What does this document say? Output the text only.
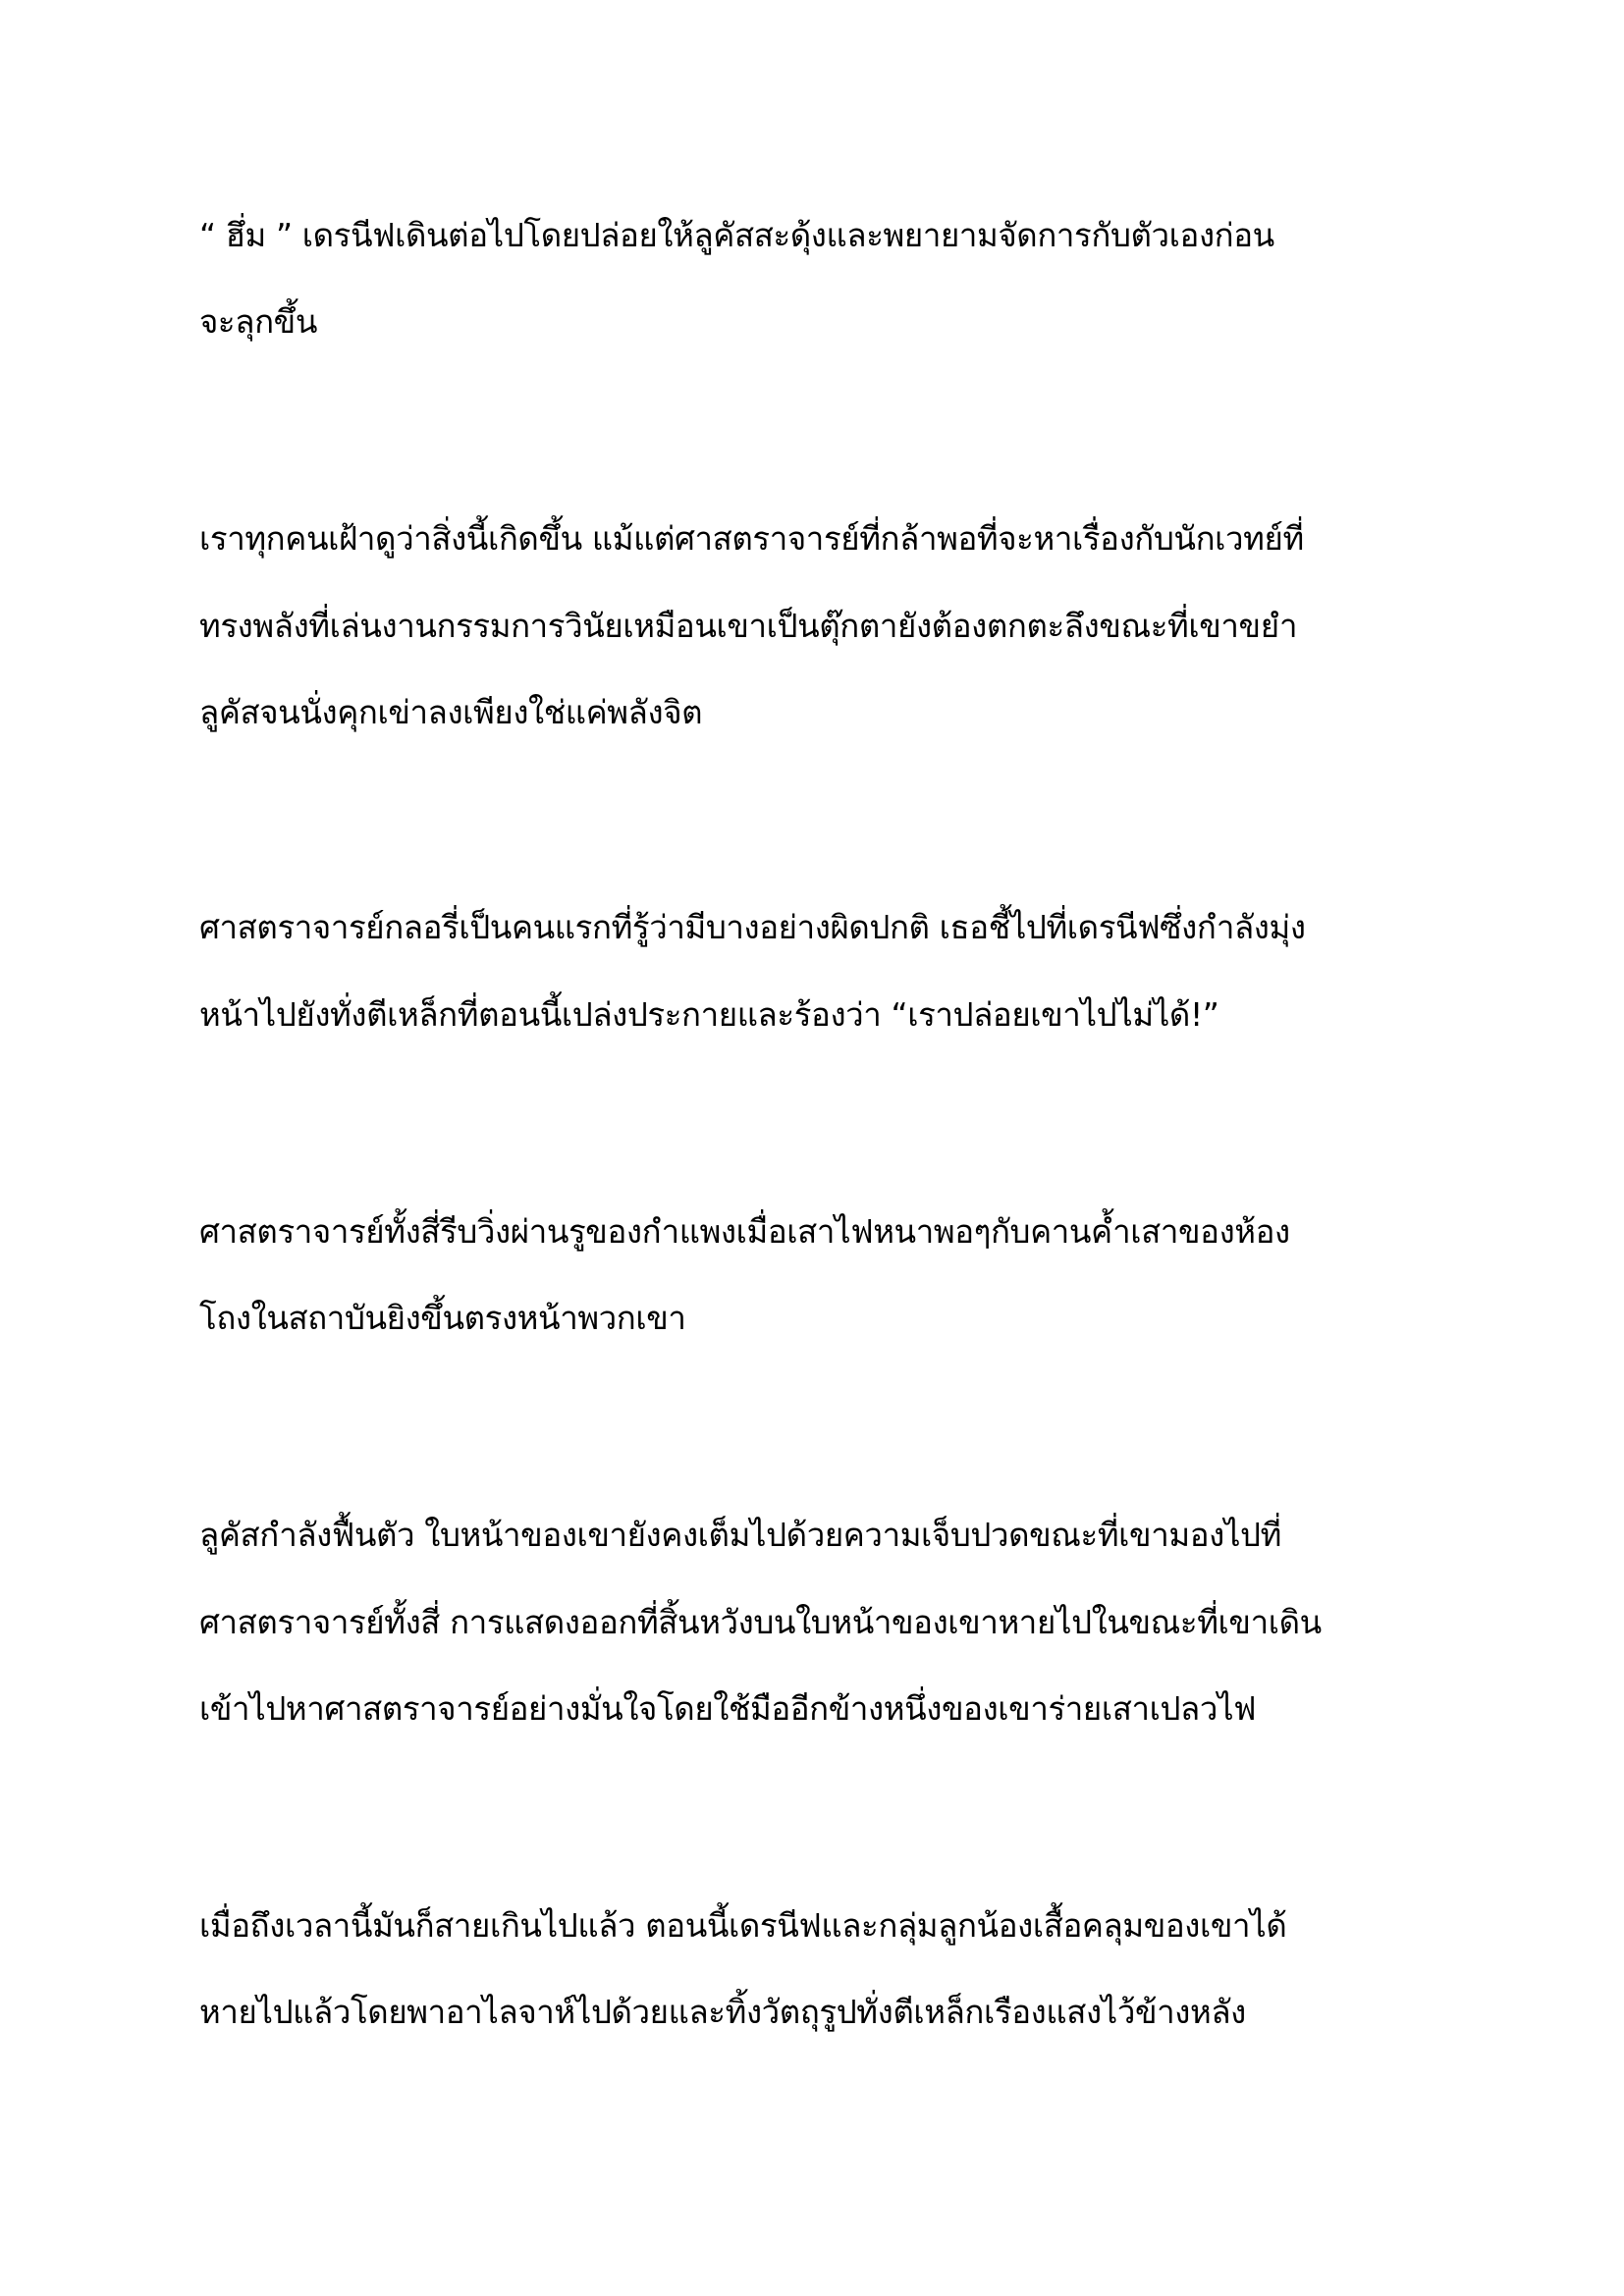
“ ฮึ่ม ” เดรนีฟเดินต่อไปโดยปล่อยให้ลูคัสสะดุ้งและพยายามจัดการกับตัวเองก่อน
จะลุกขึ้น
เราทุกคนเฝ้าดูว่าสิ่งนี้เกิดขึ้น แม้แต่ศาสตราจารย์ที่กล้าพอที่จะหาเรื่องกับนักเวทย์ที่
ทรงพลังที่เล่นงานกรรมการวินัยเหมือนเขาเป็นตุ๊กตายังต้องตกตะลึงขณะที่เขาขยำ
ลูคัสจนนั่งคุกเข่าลงเพียงใช่แค่พลังจิต
ศาสตราจารย์กลอรี่เป็นคนแรกที่รู้ว่ามีบางอย่างผิดปกติ เธอชี้ไปที่เดรนีฟซึ่งกำลังมุ่ง
หน้าไปยังทั่งตีเหล็กที่ตอนนี้เปล่งประกายและร้องว่า “เราปล่อยเขาไปไม่ได้!”
ศาสตราจารย์ทั้งสี่รีบวิ่งผ่านรูของกำแพงเมื่อเสาไฟหนาพอๆกับคานค้ำเสาของห้อง
โถงในสถาบันยิงขึ้นตรงหน้าพวกเขา
ลูคัสกำลังฟื้นตัว ใบหน้าของเขายังคงเต็มไปด้วยความเจ็บปวดขณะที่เขามองไปที่
ศาสตราจารย์ทั้งสี่ การแสดงออกที่สิ้นหวังบนใบหน้าของเขาหายไปในขณะที่เขาเดิน
เข้าไปหาศาสตราจารย์อย่างมั่นใจโดยใช้มืออีกข้างหนึ่งของเขาร่ายเสาเปลวไฟ
เมื่อถึงเวลานี้มันก็สายเกินไปแล้ว ตอนนี้เดรนีฟและกลุ่มลูกน้องเสื้อคลุมของเขาได้
หายไปแล้วโดยพาอาไลจาห์ไปด้วยและทิ้งวัตถุรูปทั่งตีเหล็กเรืองแสงไว้ข้างหลัง
